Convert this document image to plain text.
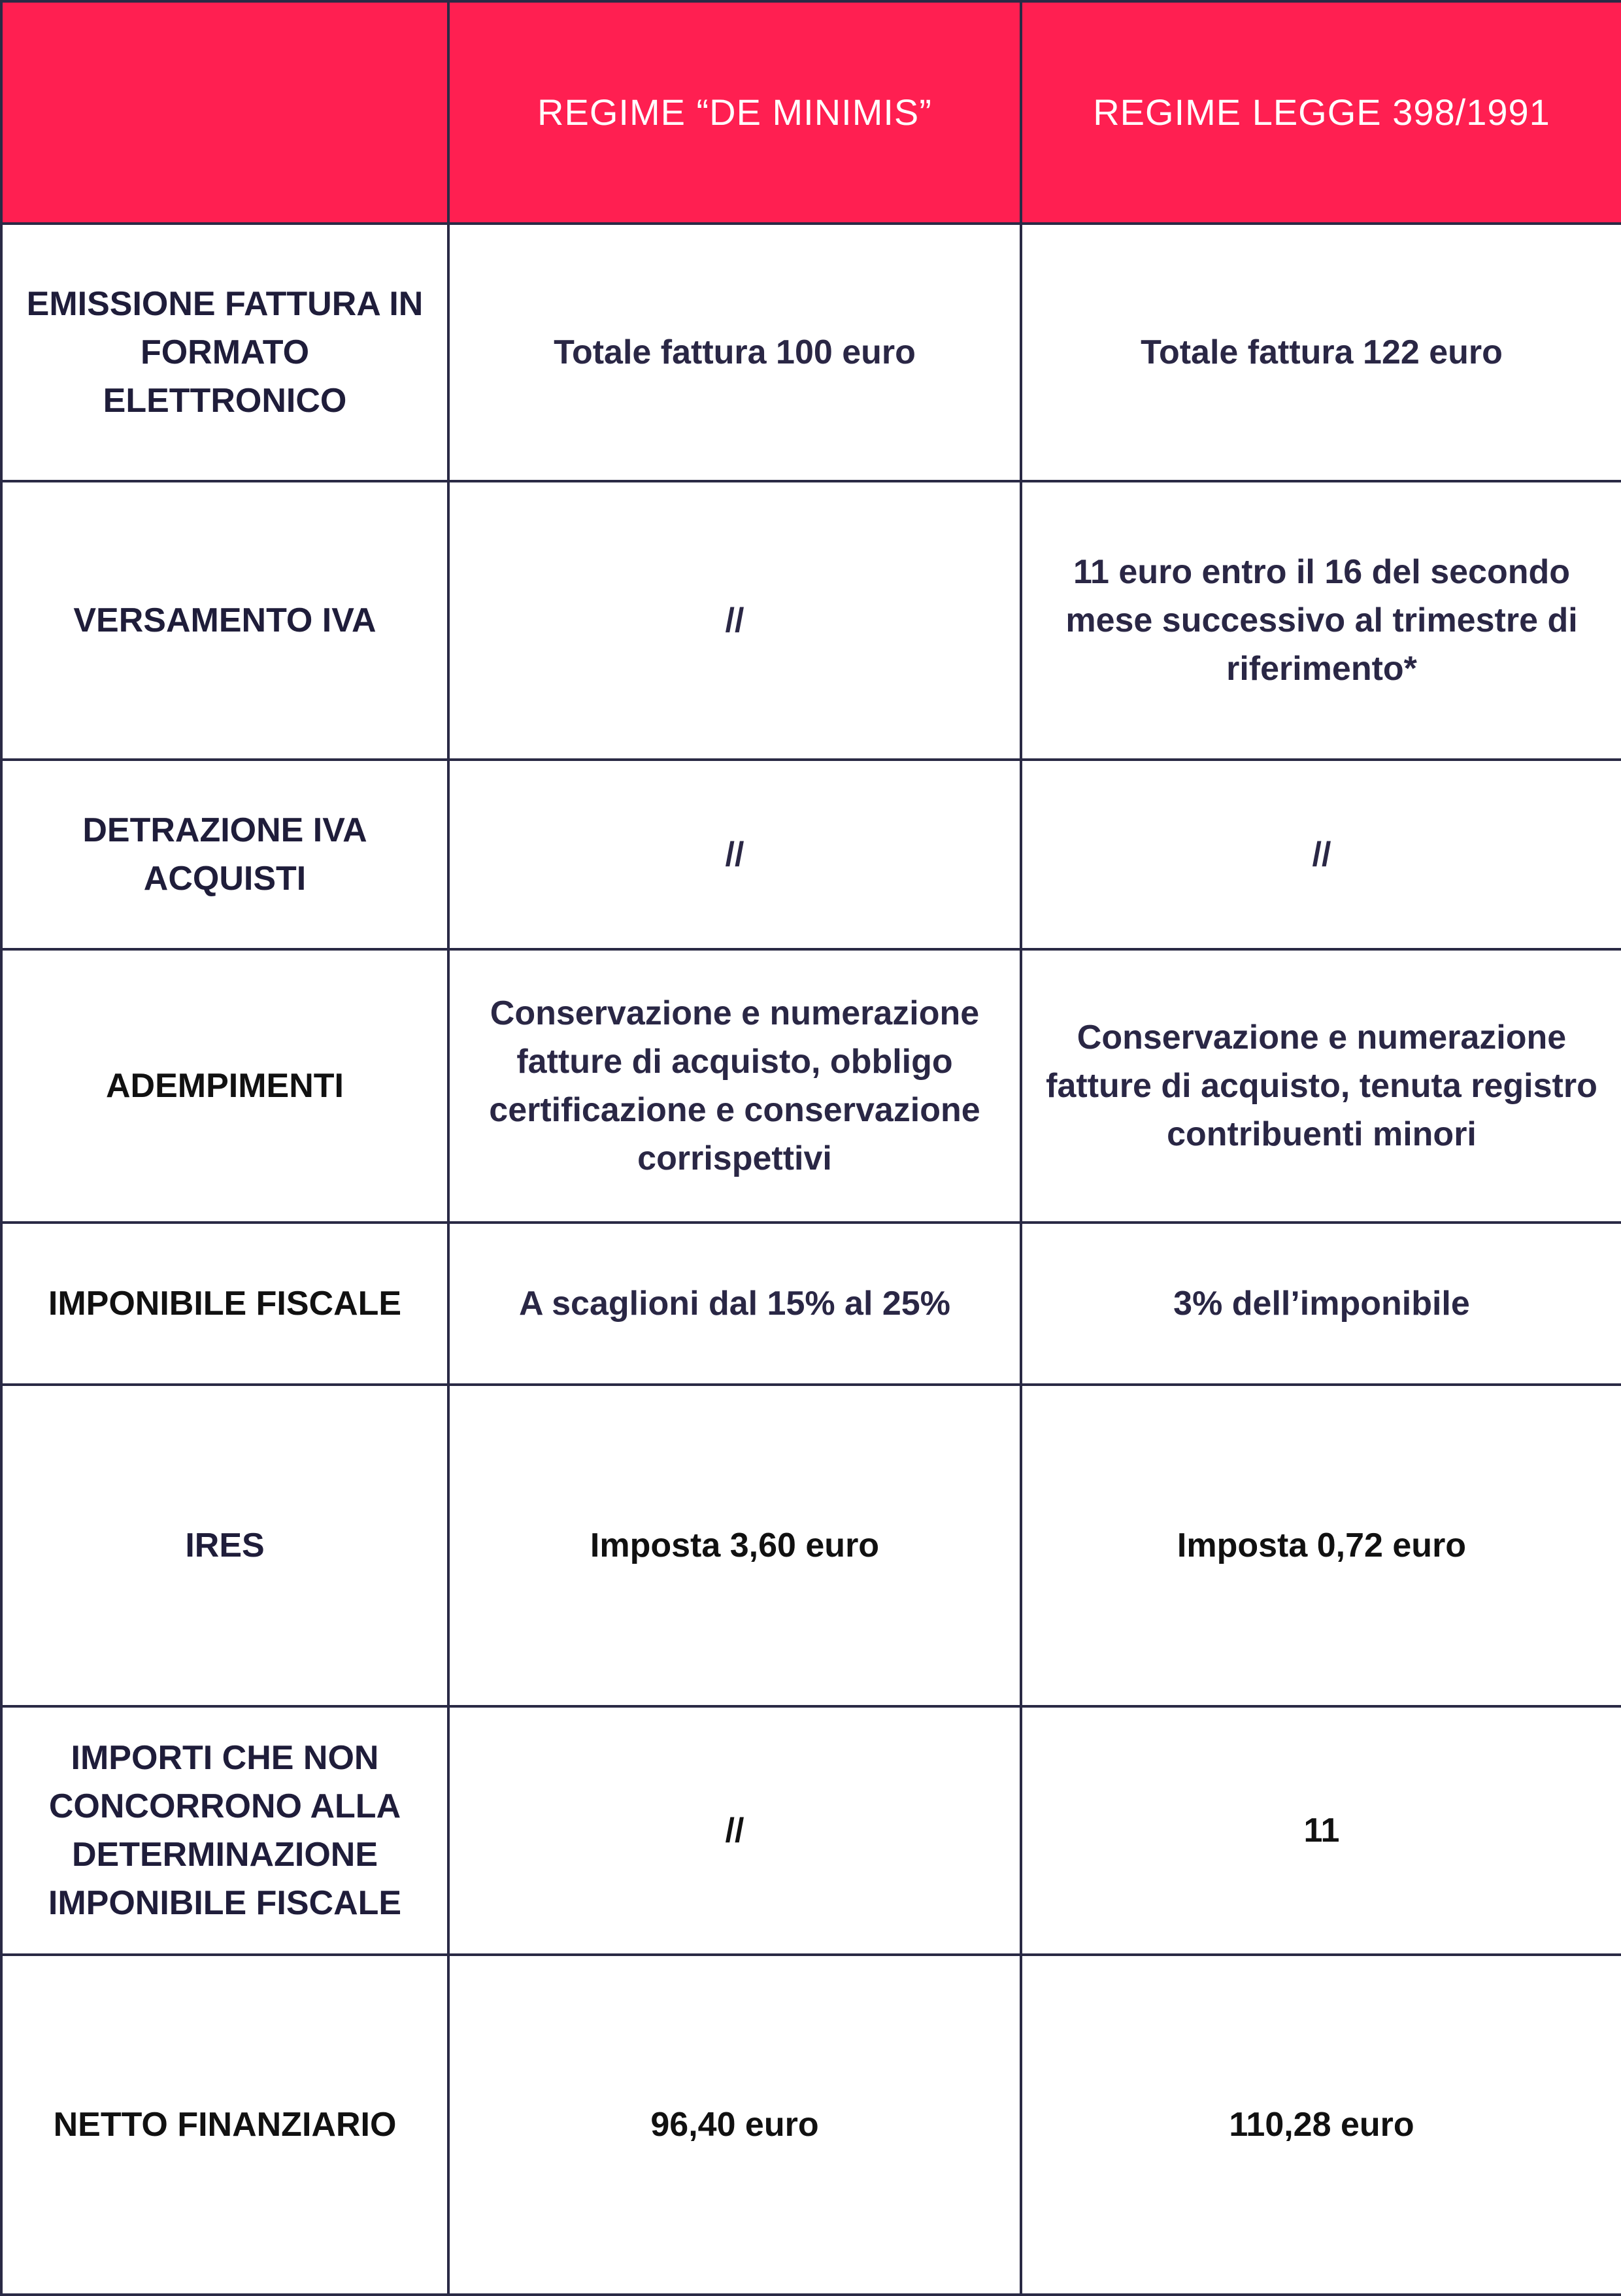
	REGIME “DE MINIMIS”	REGIME LEGGE 398/1991
EMISSIONE FATTURA IN FORMATO ELETTRONICO	Totale fattura 100 euro	Totale fattura 122 euro
VERSAMENTO IVA	//	11 euro entro il 16 del secondo mese successivo al trimestre di riferimento*
DETRAZIONE IVA ACQUISTI	//	//
ADEMPIMENTI	Conservazione e numerazione fatture di acquisto, obbligo certificazione e conservazione corrispettivi	Conservazione e numerazione fatture di acquisto, tenuta registro contribuenti minori
IMPONIBILE FISCALE	A scaglioni dal 15% al 25%	3% dell’imponibile
IRES	Imposta 3,60 euro	Imposta 0,72 euro
IMPORTI CHE NON CONCORRONO ALLA DETERMINAZIONE IMPONIBILE FISCALE	//	11
NETTO FINANZIARIO	96,40 euro	110,28 euro
